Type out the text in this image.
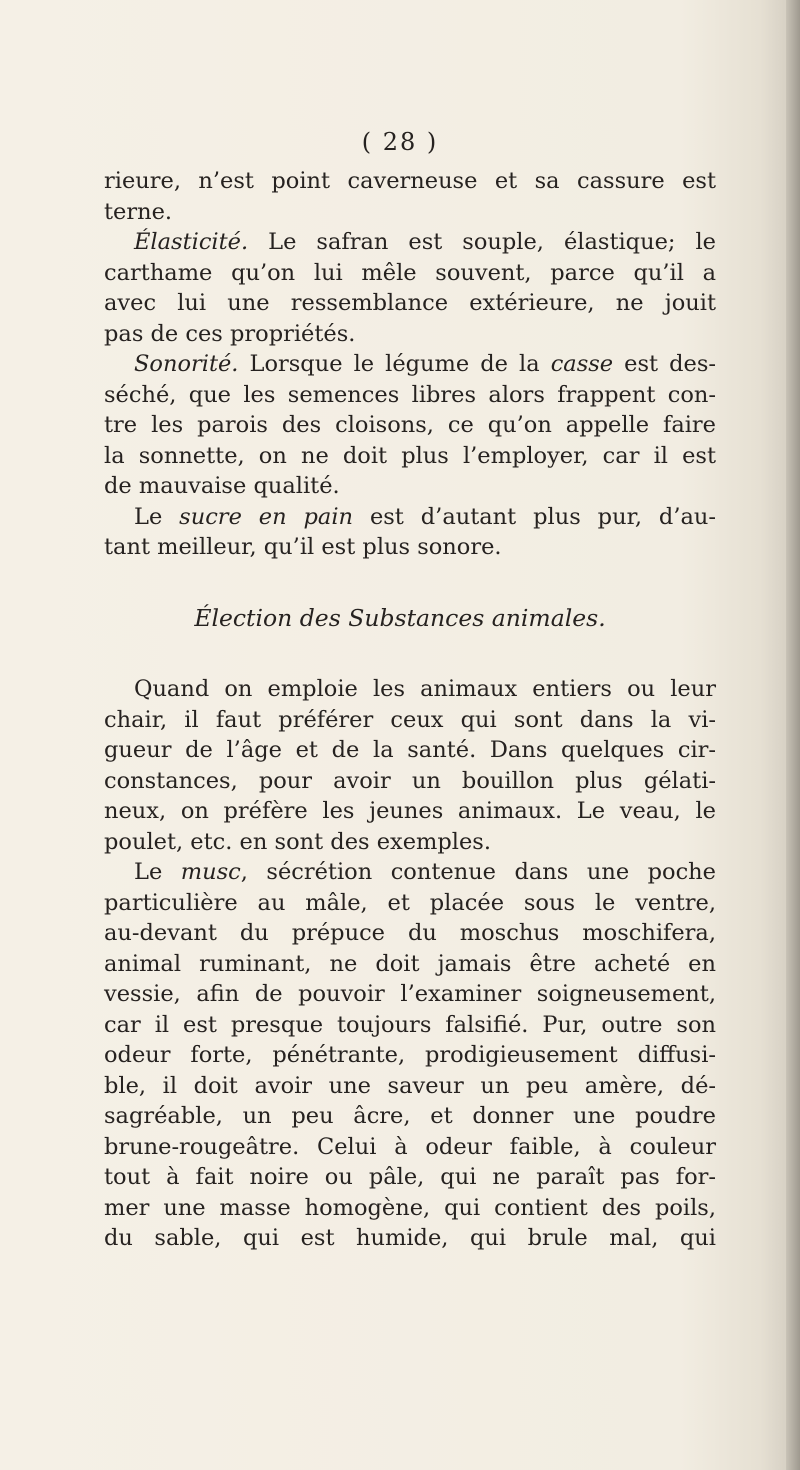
( 28 )
rieure, n’est point caverneuse et sa cassure est
terne.
Élasticité. Le safran est souple, élastique; le
carthame qu’on lui mêle souvent, parce qu’il a
avec lui une ressemblance extérieure, ne jouit
pas de ces propriétés.
Sonorité. Lorsque le légume de la casse est des-
séché, que les semences libres alors frappent con-
tre les parois des cloisons, ce qu’on appelle faire
la sonnette, on ne doit plus l’employer, car il est
de mauvaise qualité.
Le sucre en pain est d’autant plus pur, d’au-
tant meilleur, qu’il est plus sonore.
Élection des Substances animales.
Quand on emploie les animaux entiers ou leur
chair, il faut préférer ceux qui sont dans la vi-
gueur de l’âge et de la santé. Dans quelques cir-
constances, pour avoir un bouillon plus gélati-
neux, on préfère les jeunes animaux. Le veau, le
poulet, etc. en sont des exemples.
Le musc, sécrétion contenue dans une poche
particulière au mâle, et placée sous le ventre,
au-devant du prépuce du moschus moschifera,
animal ruminant, ne doit jamais être acheté en
vessie, afin de pouvoir l’examiner soigneusement,
car il est presque toujours falsifié. Pur, outre son
odeur forte, pénétrante, prodigieusement diffusi-
ble, il doit avoir une saveur un peu amère, dé-
sagréable, un peu âcre, et donner une poudre
brune-rougeâtre. Celui à odeur faible, à couleur
tout à fait noire ou pâle, qui ne paraît pas for-
mer une masse homogène, qui contient des poils,
du sable, qui est humide, qui brule mal, qui
